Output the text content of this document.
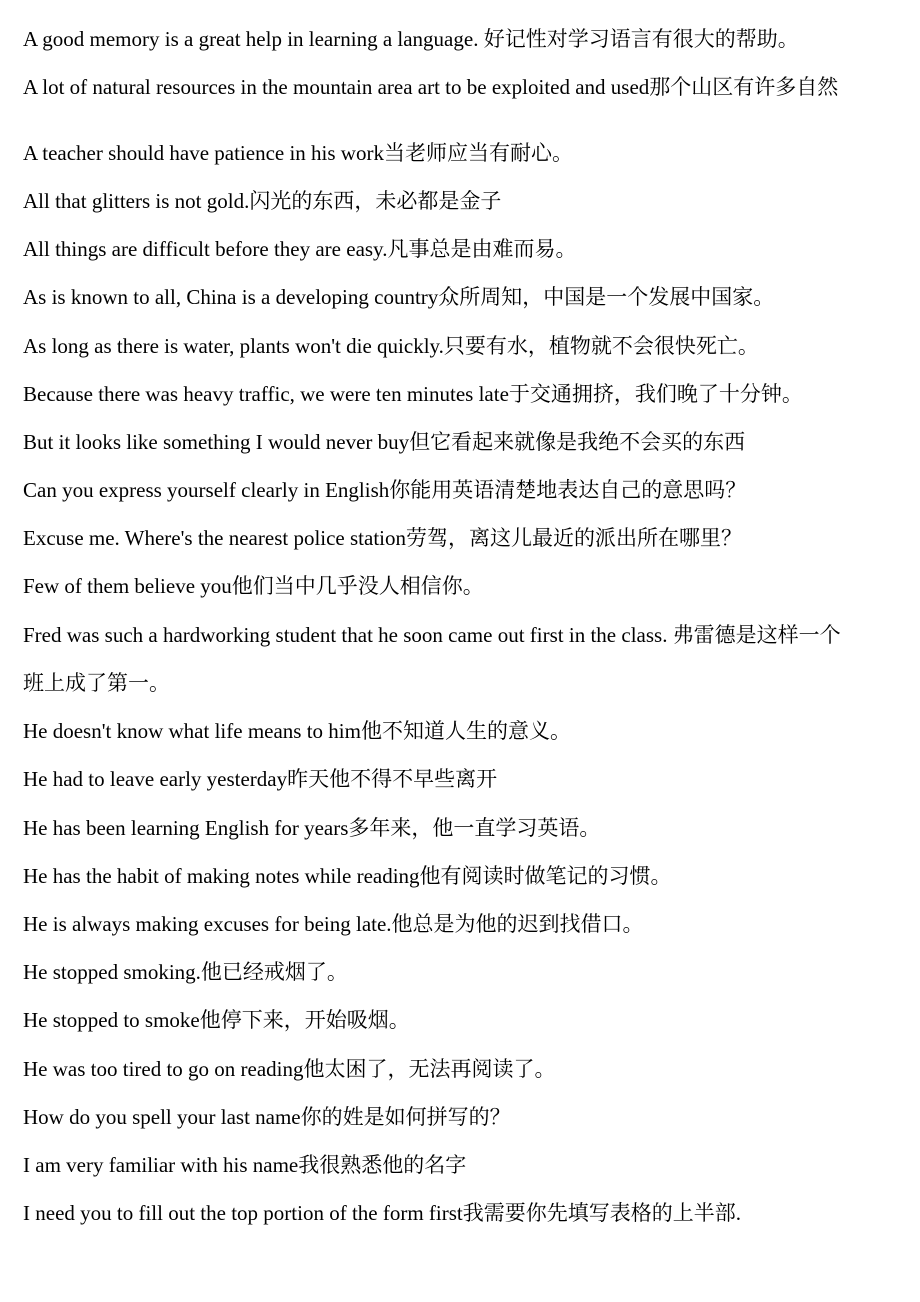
A good memory is a great help in learning a language. 好记性对学习语言有很大的帮助。
A lot of natural resources in the mountain area art to be exploited and used那个山区有许多自然
A teacher should have patience in his work当老师应当有耐心。
All that glitters is not gold.闪光的东西，未必都是金子
All things are difficult before they are easy.凡事总是由难而易。
As is known to all, China is a developing country众所周知，中国是一个发展中国家。
As long as there is water, plants won't die quickly.只要有水，植物就不会很快死亡。
Because there was heavy traffic, we were ten minutes late于交通拥挤，我们晚了十分钟。
But it looks like something I would never buy但它看起来就像是我绝不会买的东西
Can you express yourself clearly in English你能用英语清楚地表达自己的意思吗？
Excuse me. Where's the nearest police station劳驾，离这儿最近的派出所在哪里？
Few of them believe you他们当中几乎没人相信你。
Fred was such a hardworking student that he soon came out first in the class. 弗雷德是这样一个
班上成了第一。
He doesn't know what life means to him他不知道人生的意义。
He had to leave early yesterday昨天他不得不早些离开
He has been learning English for years多年来，他一直学习英语。
He has the habit of making notes while reading他有阅读时做笔记的习惯。
He is always making excuses for being late.他总是为他的迟到找借口。
He stopped smoking.他已经戒烟了。
He stopped to smoke他停下来，开始吸烟。
He was too tired to go on reading他太困了，无法再阅读了。
How do you spell your last name你的姓是如何拼写的？
I am very familiar with his name我很熟悉他的名字
I need you to fill out the top portion of the form first我需要你先填写表格的上半部.
